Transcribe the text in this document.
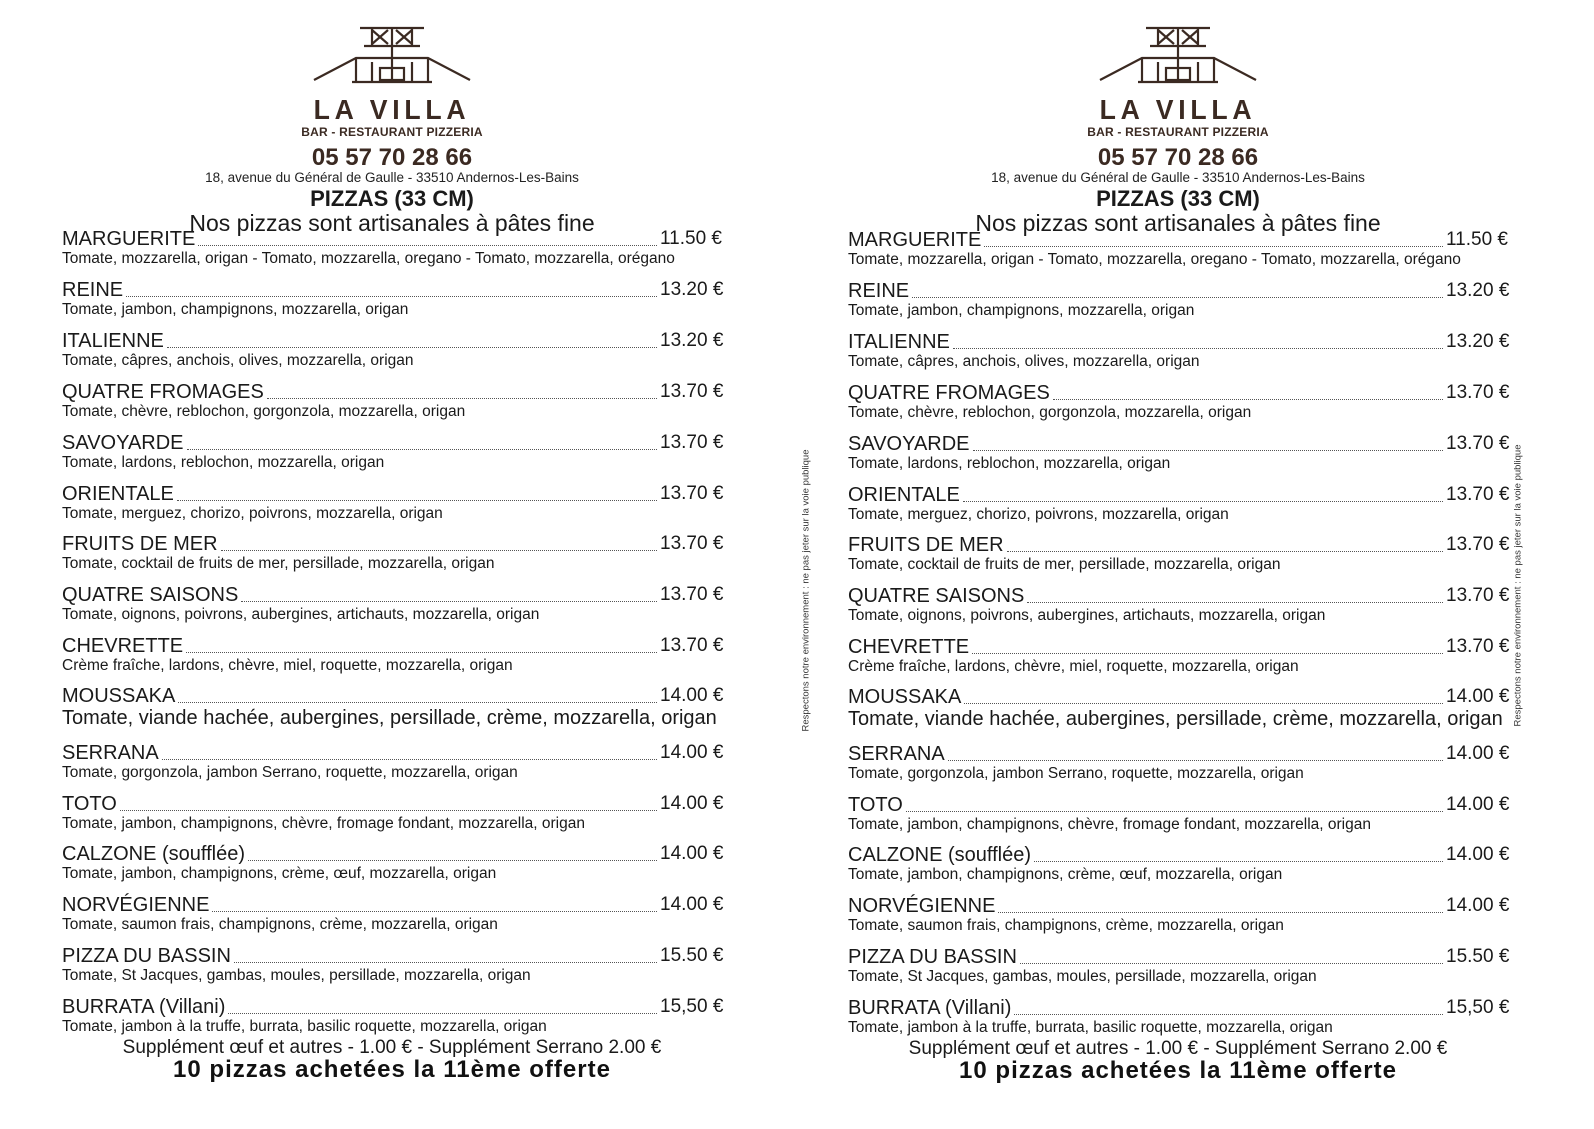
LA VILLA
BAR - RESTAURANT PIZZERIA
05 57 70 28 66
18, avenue du Général de Gaulle - 33510 Andernos-Les-Bains
PIZZAS (33 CM)
Nos pizzas sont artisanales à pâtes fine
MARGUERITE	11.50 €
Tomate, mozzarella, origan - Tomato, mozzarella, oregano - Tomato, mozzarella, orégano
REINE	13.20 €
Tomate, jambon, champignons, mozzarella, origan
ITALIENNE	13.20 €
Tomate, câpres, anchois, olives, mozzarella, origan
QUATRE FROMAGES	13.70 €
Tomate, chèvre, reblochon, gorgonzola, mozzarella, origan
SAVOYARDE	13.70 €
Tomate, lardons, reblochon, mozzarella, origan
ORIENTALE	13.70 €
Tomate, merguez, chorizo, poivrons, mozzarella, origan
FRUITS DE MER	13.70 €
Tomate, cocktail de fruits de mer, persillade, mozzarella, origan
QUATRE SAISONS	13.70 €
Tomate, oignons, poivrons, aubergines, artichauts, mozzarella, origan
CHEVRETTE	13.70 €
Crème fraîche, lardons, chèvre, miel, roquette, mozzarella, origan
MOUSSAKA	14.00 €
Tomate, viande hachée, aubergines, persillade, crème, mozzarella, origan
SERRANA	14.00 €
Tomate, gorgonzola, jambon Serrano, roquette, mozzarella, origan
TOTO	14.00 €
Tomate, jambon, champignons, chèvre, fromage fondant, mozzarella, origan
CALZONE (soufflée)	14.00 €
Tomate, jambon, champignons, crème, œuf, mozzarella, origan
NORVÉGIENNE	14.00 €
Tomate, saumon frais, champignons, crème, mozzarella, origan
PIZZA DU BASSIN	15.50 €
Tomate, St Jacques, gambas, moules, persillade, mozzarella, origan
BURRATA (Villani)	15,50 €
Tomate, jambon à la truffe, burrata, basilic roquette, mozzarella, origan
Supplément œuf et autres - 1.00 € - Supplément Serrano 2.00 €
10 pizzas achetées la 11ème offerte
Respectons notre environnement : ne pas jeter sur la voie publique
LA VILLA
BAR - RESTAURANT PIZZERIA
05 57 70 28 66
18, avenue du Général de Gaulle - 33510 Andernos-Les-Bains
PIZZAS (33 CM)
Nos pizzas sont artisanales à pâtes fine
MARGUERITE	11.50 €
Tomate, mozzarella, origan - Tomato, mozzarella, oregano - Tomato, mozzarella, orégano
REINE	13.20 €
Tomate, jambon, champignons, mozzarella, origan
ITALIENNE	13.20 €
Tomate, câpres, anchois, olives, mozzarella, origan
QUATRE FROMAGES	13.70 €
Tomate, chèvre, reblochon, gorgonzola, mozzarella, origan
SAVOYARDE	13.70 €
Tomate, lardons, reblochon, mozzarella, origan
ORIENTALE	13.70 €
Tomate, merguez, chorizo, poivrons, mozzarella, origan
FRUITS DE MER	13.70 €
Tomate, cocktail de fruits de mer, persillade, mozzarella, origan
QUATRE SAISONS	13.70 €
Tomate, oignons, poivrons, aubergines, artichauts, mozzarella, origan
CHEVRETTE	13.70 €
Crème fraîche, lardons, chèvre, miel, roquette, mozzarella, origan
MOUSSAKA	14.00 €
Tomate, viande hachée, aubergines, persillade, crème, mozzarella, origan
SERRANA	14.00 €
Tomate, gorgonzola, jambon Serrano, roquette, mozzarella, origan
TOTO	14.00 €
Tomate, jambon, champignons, chèvre, fromage fondant, mozzarella, origan
CALZONE (soufflée)	14.00 €
Tomate, jambon, champignons, crème, œuf, mozzarella, origan
NORVÉGIENNE	14.00 €
Tomate, saumon frais, champignons, crème, mozzarella, origan
PIZZA DU BASSIN	15.50 €
Tomate, St Jacques, gambas, moules, persillade, mozzarella, origan
BURRATA (Villani)	15,50 €
Tomate, jambon à la truffe, burrata, basilic roquette, mozzarella, origan
Supplément œuf et autres - 1.00 € - Supplément Serrano 2.00 €
10 pizzas achetées la 11ème offerte
Respectons notre environnement : ne pas jeter sur la voie publique
